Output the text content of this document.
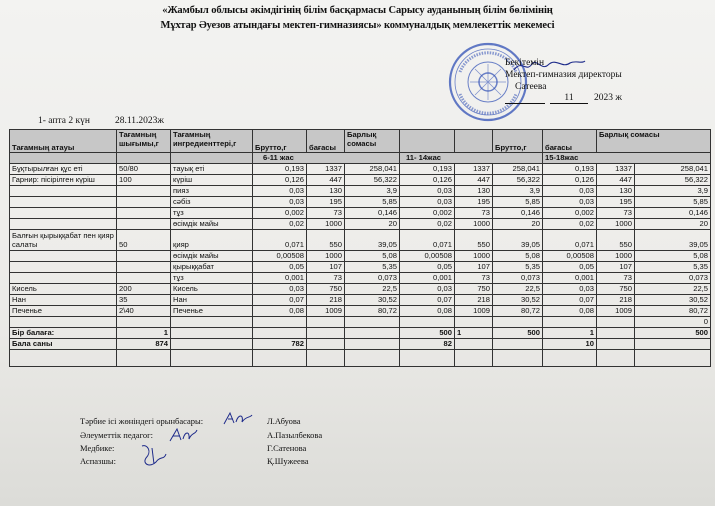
«Жамбыл облысы әкімдігінің білім басқармасы Сарысу ауданының білім бөлімінің
Мұхтар Әуезов атындағы мектеп-гимназиясы» коммуналдық мемлекеттік мекемесі
Бекітемін
Мектеп-гимназия директоры
Сатеева
11	2023 ж
1- апта 2 күн	28.11.2023ж
Тағамның атауы	Тағамның шығымы,г	Тағамның ингредиенттері,г	Брутто,г	бағасы	Барлық сомасы			Брутто,г	бағасы	Барлық сомасы	
			6-11 жас			11- 14жас			15-18жас		
Бұқтырылған құс еті	50/80	тауық еті	0,193	1337	258,041	0,193	1337	258,041	0,193	1337	258,041
Гарнир: пісірілген күріш	100	күріш	0,126	447	56,322	0,126	447	56,322	0,126	447	56,322
		пияз	0,03	130	3,9	0,03	130	3,9	0,03	130	3,9
		сәбіз	0,03	195	5,85	0,03	195	5,85	0,03	195	5,85
		тұз	0,002	73	0,146	0,002	73	0,146	0,002	73	0,146
		өсімдік майы	0,02	1000	20	0,02	1000	20	0,02	1000	20
Балғын қырыққабат пен қияр салаты	50	қияр	0,071	550	39,05	0,071	550	39,05	0,071	550	39,05
		өсімдік майы	0,00508	1000	5,08	0,00508	1000	5,08	0,00508	1000	5,08
		қырыққабат	0,05	107	5,35	0,05	107	5,35	0,05	107	5,35
		тұз	0,001	73	0,073	0,001	73	0,073	0,001	73	0,073
Кисель	200	Кисель	0,03	750	22,5	0,03	750	22,5	0,03	750	22,5
Нан	35	Нан	0,07	218	30,52	0,07	218	30,52	0,07	218	30,52
Печенье	2\40	Печенье	0,08	1009	80,72	0,08	1009	80,72	0,08	1009	80,72
											0
Бір балаға:	1					500	1	500	1		500
Бала саны	874		782			82			10		

Тәрбие ісі жөніндегі орынбасары:	Л.Абуова
Әлеуметтік педагог:	А.Пазылбекова
Медбике:	Г.Сатенова
Аспазшы:	Қ.Шужеева
